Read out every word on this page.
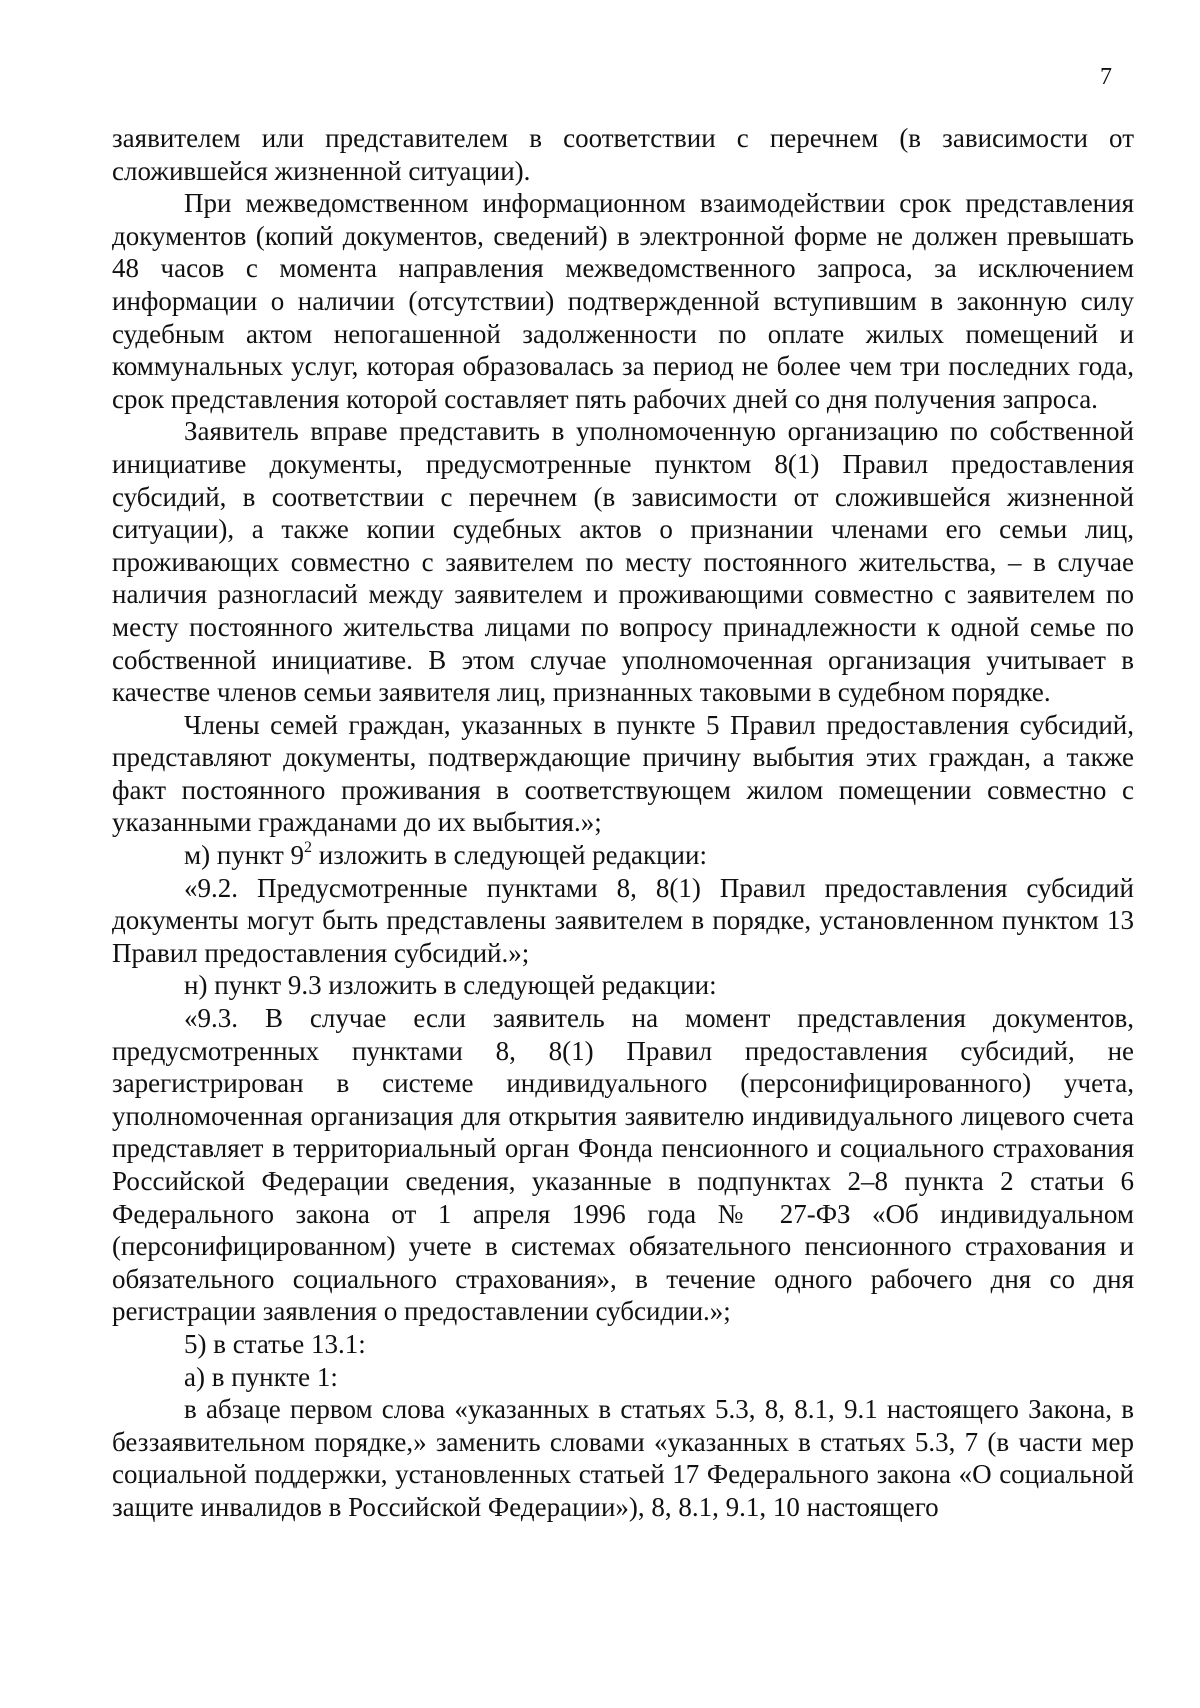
7

заявителем или представителем в соответствии с перечнем (в зависимости от сложившейся жизненной ситуации).

При межведомственном информационном взаимодействии срок представления документов (копий документов, сведений) в электронной форме не должен превышать 48 часов с момента направления межведомственного запроса, за исключением информации о наличии (отсутствии) подтвержденной вступившим в законную силу судебным актом непогашенной задолженности по оплате жилых помещений и коммунальных услуг, которая образовалась за период не более чем три последних года, срок представления которой составляет пять рабочих дней со дня получения запроса.

Заявитель вправе представить в уполномоченную организацию по собственной инициативе документы, предусмотренные пунктом 8(1) Правил предоставления субсидий, в соответствии с перечнем (в зависимости от сложившейся жизненной ситуации), а также копии судебных актов о признании членами его семьи лиц, проживающих совместно с заявителем по месту постоянного жительства, – в случае наличия разногласий между заявителем и проживающими совместно с заявителем по месту постоянного жительства лицами по вопросу принадлежности к одной семье по собственной инициативе. В этом случае уполномоченная организация учитывает в качестве членов семьи заявителя лиц, признанных таковыми в судебном порядке.

Члены семей граждан, указанных в пункте 5 Правил предоставления субсидий, представляют документы, подтверждающие причину выбытия этих граждан, а также факт постоянного проживания в соответствующем жилом помещении совместно с указанными гражданами до их выбытия.»;

м) пункт $9^2$ изложить в следующей редакции:

«9.2. Предусмотренные пунктами 8, 8(1) Правил предоставления субсидий документы могут быть представлены заявителем в порядке, установленном пунктом 13 Правил предоставления субсидий.»;

н) пункт 9.3 изложить в следующей редакции:

«9.3. В случае если заявитель на момент представления документов, предусмотренных пунктами 8, 8(1) Правил предоставления субсидий, не зарегистрирован в системе индивидуального (персонифицированного) учета, уполномоченная организация для открытия заявителю индивидуального лицевого счета представляет в территориальный орган Фонда пенсионного и социального страхования Российской Федерации сведения, указанные в подпунктах 2–8 пункта 2 статьи 6 Федерального закона от 1 апреля 1996 года № 27-ФЗ «Об индивидуальном (персонифицированном) учете в системах обязательного пенсионного страхования и обязательного социального страхования», в течение одного рабочего дня со дня регистрации заявления о предоставлении субсидии.»;

5) в статье 13.1:

а) в пункте 1:

в абзаце первом слова «указанных в статьях 5.3, 8, 8.1, 9.1 настоящего Закона, в беззаявительном порядке,» заменить словами «указанных в статьях 5.3, 7 (в части мер социальной поддержки, установленных статьей 17 Федерального закона «О социальной защите инвалидов в Российской Федерации»), 8, 8.1, 9.1, 10 настоящего
